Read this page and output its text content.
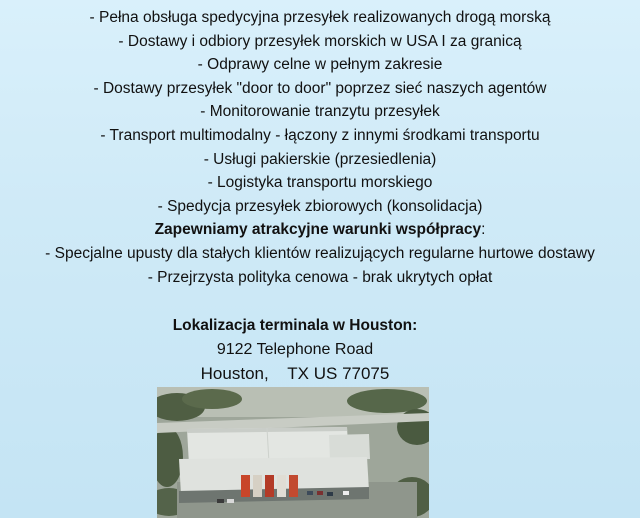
- Pełna obsługa spedycyjna przesyłek realizowanych drogą morską
- Dostawy i odbiory przesyłek morskich w USA I za granicą
- Odprawy celne w pełnym zakresie
- Dostawy przesyłek "door to door" poprzez sieć naszych agentów
- Monitorowanie tranzytu przesyłek
- Transport multimodalny - łączony z innymi środkami transportu
- Usługi pakierskie (przesiedlenia)
- Logistyka transportu morskiego
- Spedycja przesyłek zbiorowych (konsolidacja)
Zapewniamy atrakcyjne warunki współpracy:
- Specjalne upusty dla stałych klientów realizujących regularne hurtowe dostawy
- Przejrzysta polityka cenowa - brak ukrytych opłat
Lokalizacja terminala w Houston:
9122 Telephone Road
Houston,    TX US 77075
